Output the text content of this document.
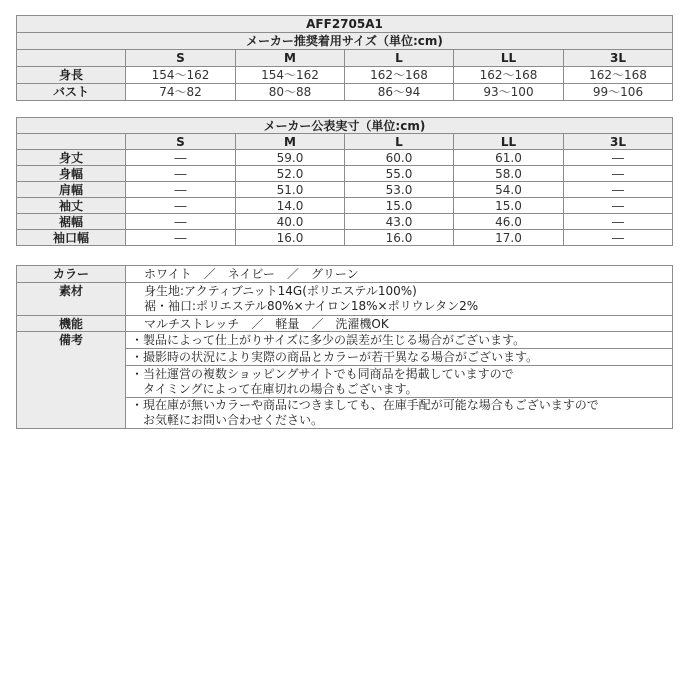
AFF2705A1					
メーカー推奨着用サイズ（単位:cm)					
	S	M	L	LL	3L
身長	154～162	154～162	162～168	162～168	162～168
バスト	74～82	80～88	86～94	93～100	99～106
メーカー公表実寸（単位:cm)					
	S	M	L	LL	3L
身丈	―	59.0	60.0	61.0	―
身幅	―	52.0	55.0	58.0	―
肩幅	―	51.0	53.0	54.0	―
袖丈	―	14.0	15.0	15.0	―
裾幅	―	40.0	43.0	46.0	―
袖口幅	―	16.0	16.0	17.0	―
カラー	ホワイト　／　ネイビー　／　グリーン
素材	身生地:アクティブニット14G(ポリエステル100%)
裾・袖口:ポリエステル80%×ナイロン18%×ポリウレタン2%

機能	マルチストレッチ　／　軽量　／　洗濯機OK
備考	・製品によって仕上がりサイズに多少の誤差が生じる場合がございます。

	・撮影時の状況により実際の商品とカラーが若干異なる場合がございます。

	・当社運営の複数ショッピングサイトでも同商品を掲載していますので
　タイミングによって在庫切れの場合もございます。

	・現在庫が無いカラーや商品につきましても、在庫手配が可能な場合もございますので
　お気軽にお問い合わせください。
